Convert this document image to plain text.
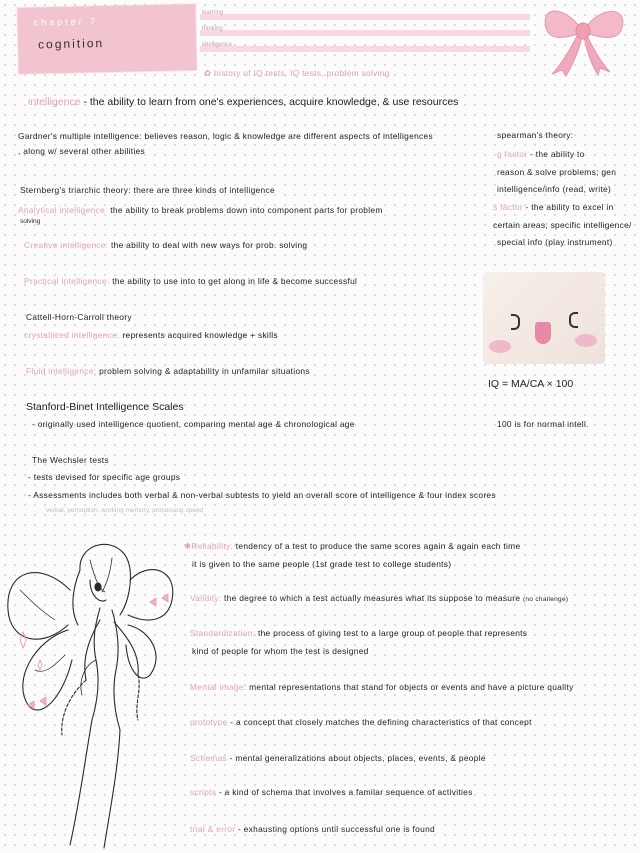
chapter 7
cognition
learning
thinking
intelligence
✿ history of IQ tests, IQ tests, problem solving
intelligence - the ability to learn from one's experiences, acquire knowledge, & use resources
Gardner's multiple intelligence: believes reason, logic & knowledge are different aspects of intelligences
, along w/ several other abilities
spearman's theory:
g factor - the ability to
reason & solve problems; gen
intelligence/info (read, write)
s factor - the ability to excel in
certain areas; specific intelligence/
special info (play instrument)
Sternberg's triarchic theory: there are three kinds of intelligence
Analytical intelligence: the ability to break problems down into component parts for problem
solving
Creative intelligence: the ability to deal with new ways for prob. solving
Practical intelligence: the ability to use into to get along in life & become successful
Cattell-Horn-Carroll theory
crystallized intelligence: represents acquired knowledge + skills
Fluid intelligence: problem solving & adaptability in unfamilar situations
IQ = MA/CA × 100
Stanford-Binet Intelligence Scales
- originally used intelligence quotient, comparing mental age & chronological age	100 is for normal intell.
The Wechsler tests
- tests devised for specific age groups
- Assessments includes both verbal & non-verbal subtests to yield an overall score of intelligence & four index scores
verbal, perception, working memory, processing speed
✱Reliability: tendency of a test to produce the same scores again & again each time
it is given to the same people (1st grade test to college students)
Validity: the degree to which a test actually measures what its suppose to measure (no challenge)
Standardization: the process of giving test to a large group of people that represents
kind of people for whom the test is designed
Mental image: mental representations that stand for objects or events and have a picture quality
prototype - a concept that closely matches the defining characteristics of that concept
Schemas - mental generalizations about objects, places, events, & people
scripts - a kind of schema that involves a familar sequence of activities
trial & error - exhausting options until successful one is found
